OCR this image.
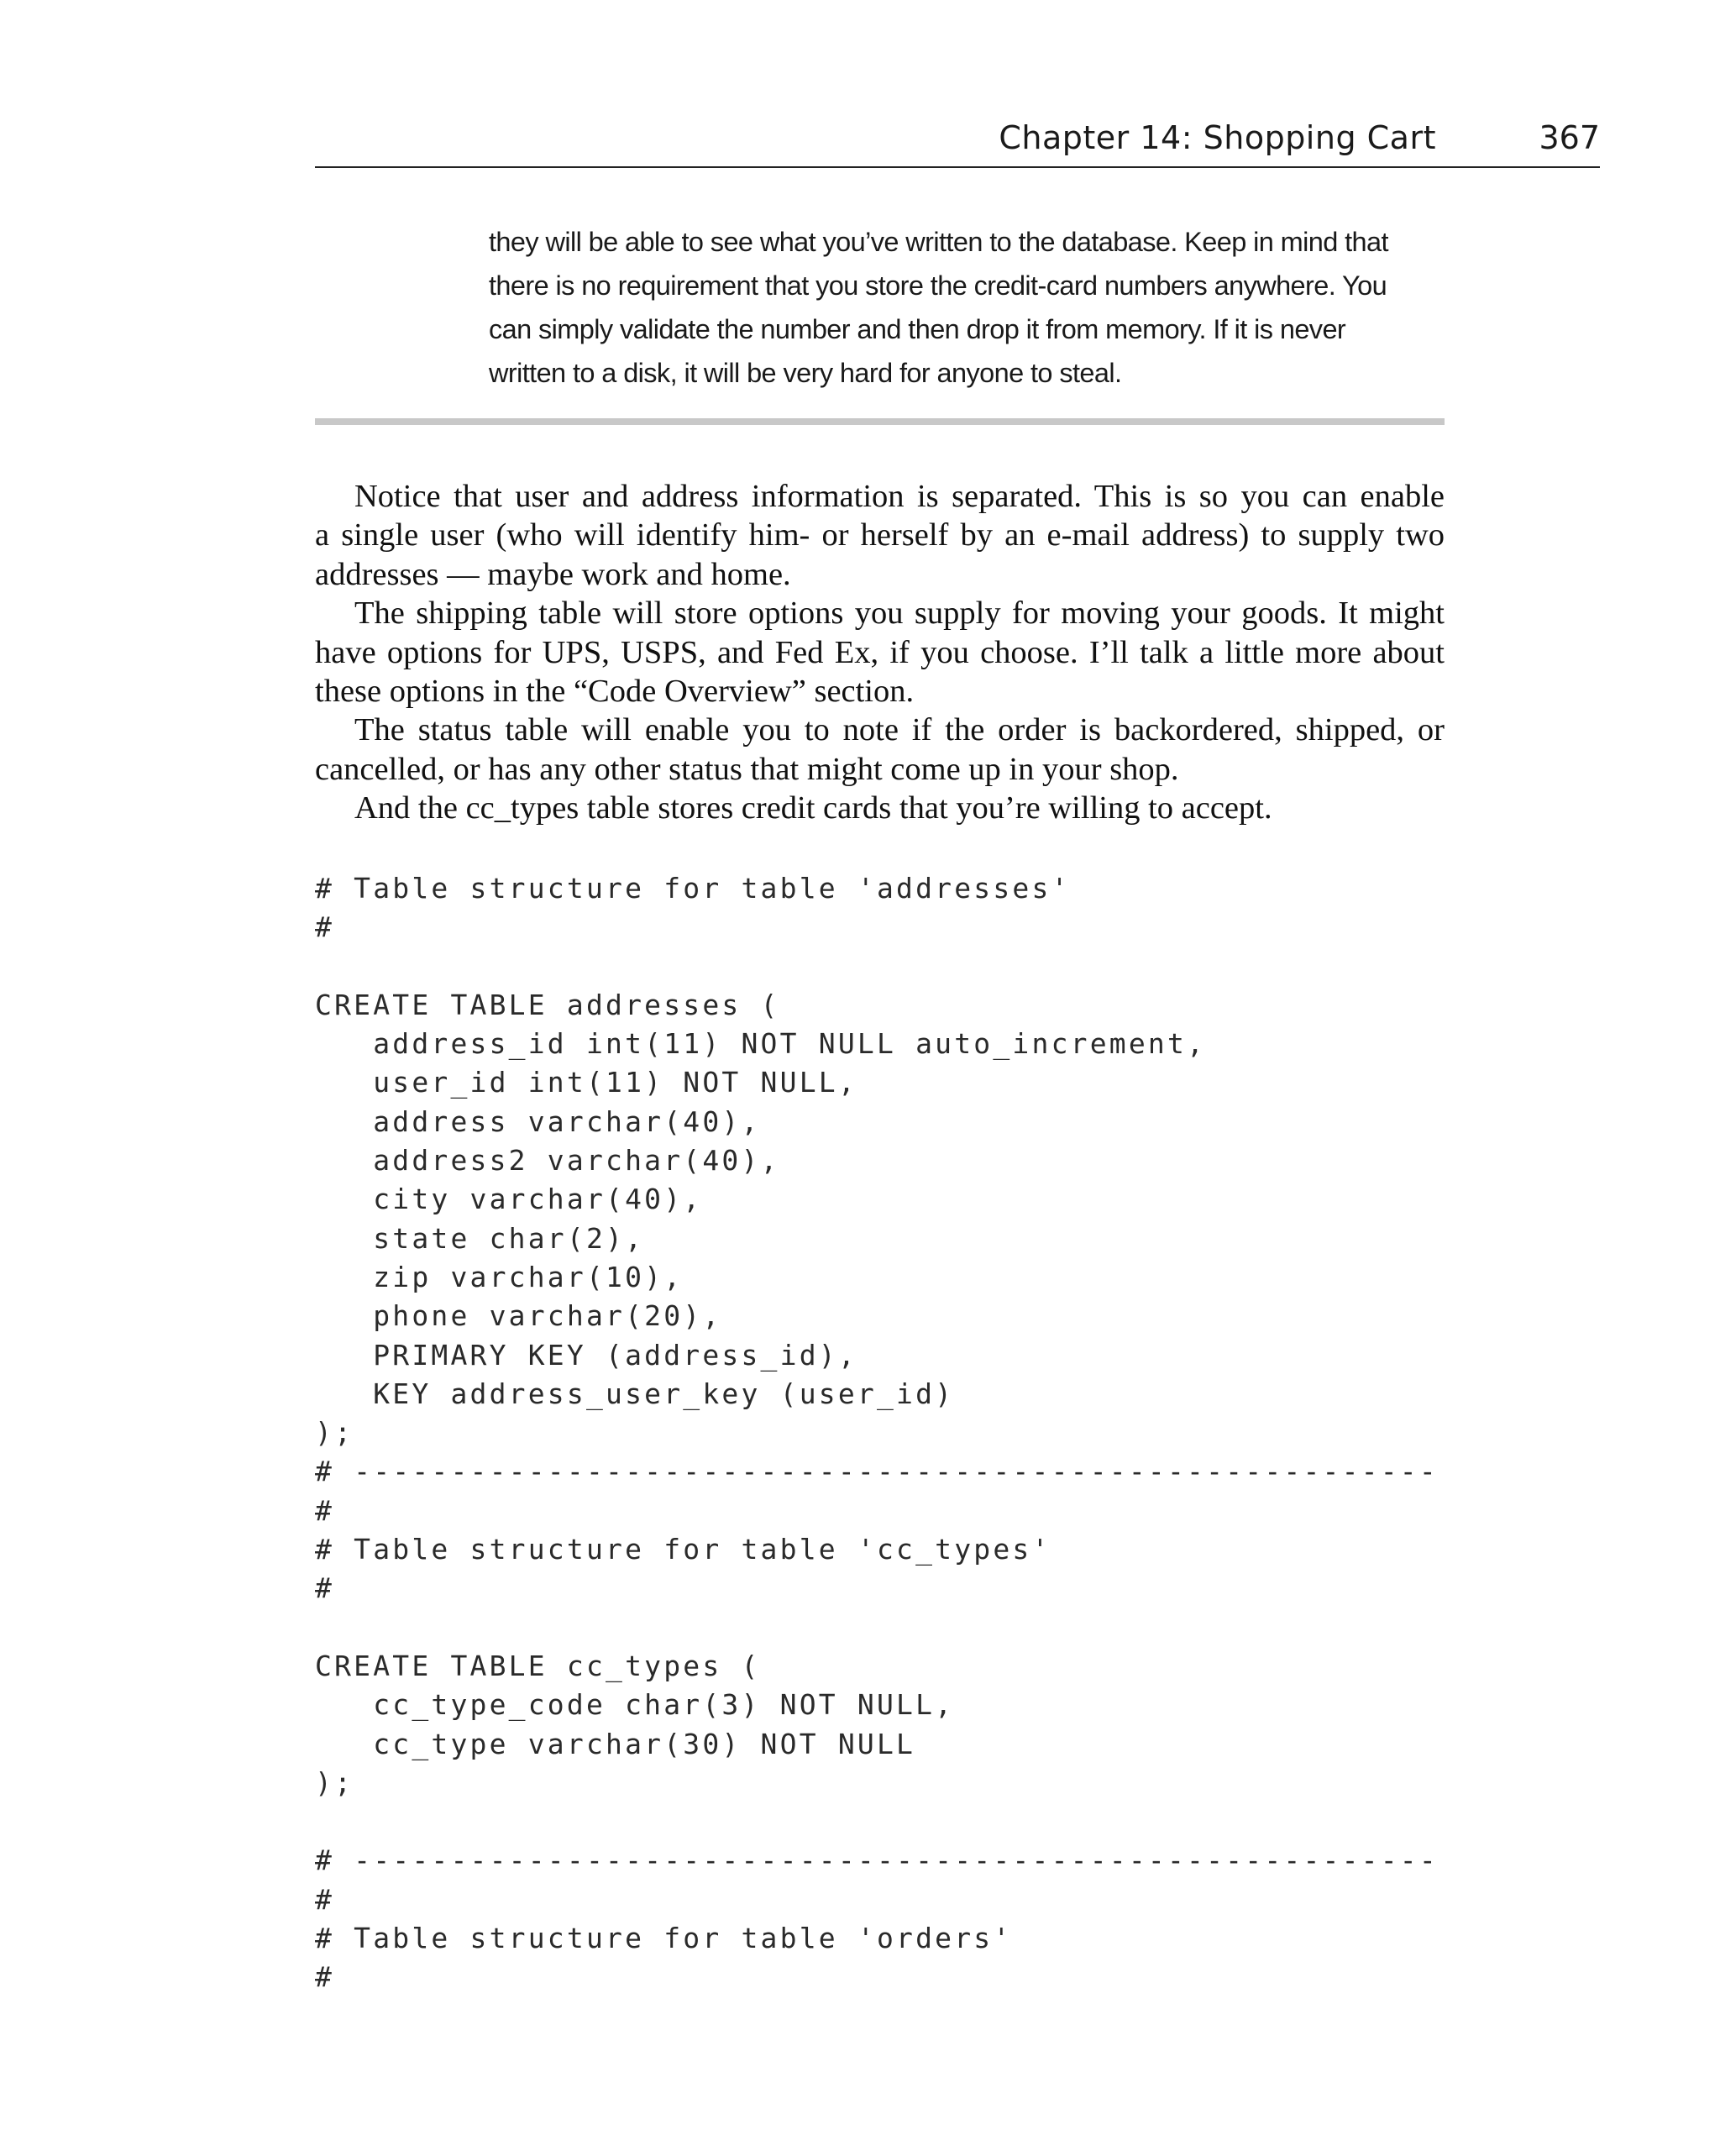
Chapter 14: Shopping Cart	367
they will be able to see what you’ve written to the database. Keep in mind that
there is no requirement that you store the credit-card numbers anywhere. You
can simply validate the number and then drop it from memory. If it is never
written to a disk, it will be very hard for anyone to steal.
Notice that user and address information is separated. This is so you can enable
a single user (who will identify him- or herself by an e-mail address) to supply two
addresses — maybe work and home.
The shipping table will store options you supply for moving your goods. It might
have options for UPS, USPS, and Fed Ex, if you choose. I’ll talk a little more about
these options in the “Code Overview” section.
The status table will enable you to note if the order is backordered, shipped, or
cancelled, or has any other status that might come up in your shop.
And the cc_types table stores credit cards that you’re willing to accept.
# Table structure for table 'addresses'
#
CREATE TABLE addresses (
address_id int(11) NOT NULL auto_increment,
user_id int(11) NOT NULL,
address varchar(40),
address2 varchar(40),
city varchar(40),
state char(2),
zip varchar(10),
phone varchar(20),
PRIMARY KEY (address_id),
KEY address_user_key (user_id)
);
# --------------------------------------------------------
#
# Table structure for table 'cc_types'
#
CREATE TABLE cc_types (
cc_type_code char(3) NOT NULL,
cc_type varchar(30) NOT NULL
);
# --------------------------------------------------------
#
# Table structure for table 'orders'
#
